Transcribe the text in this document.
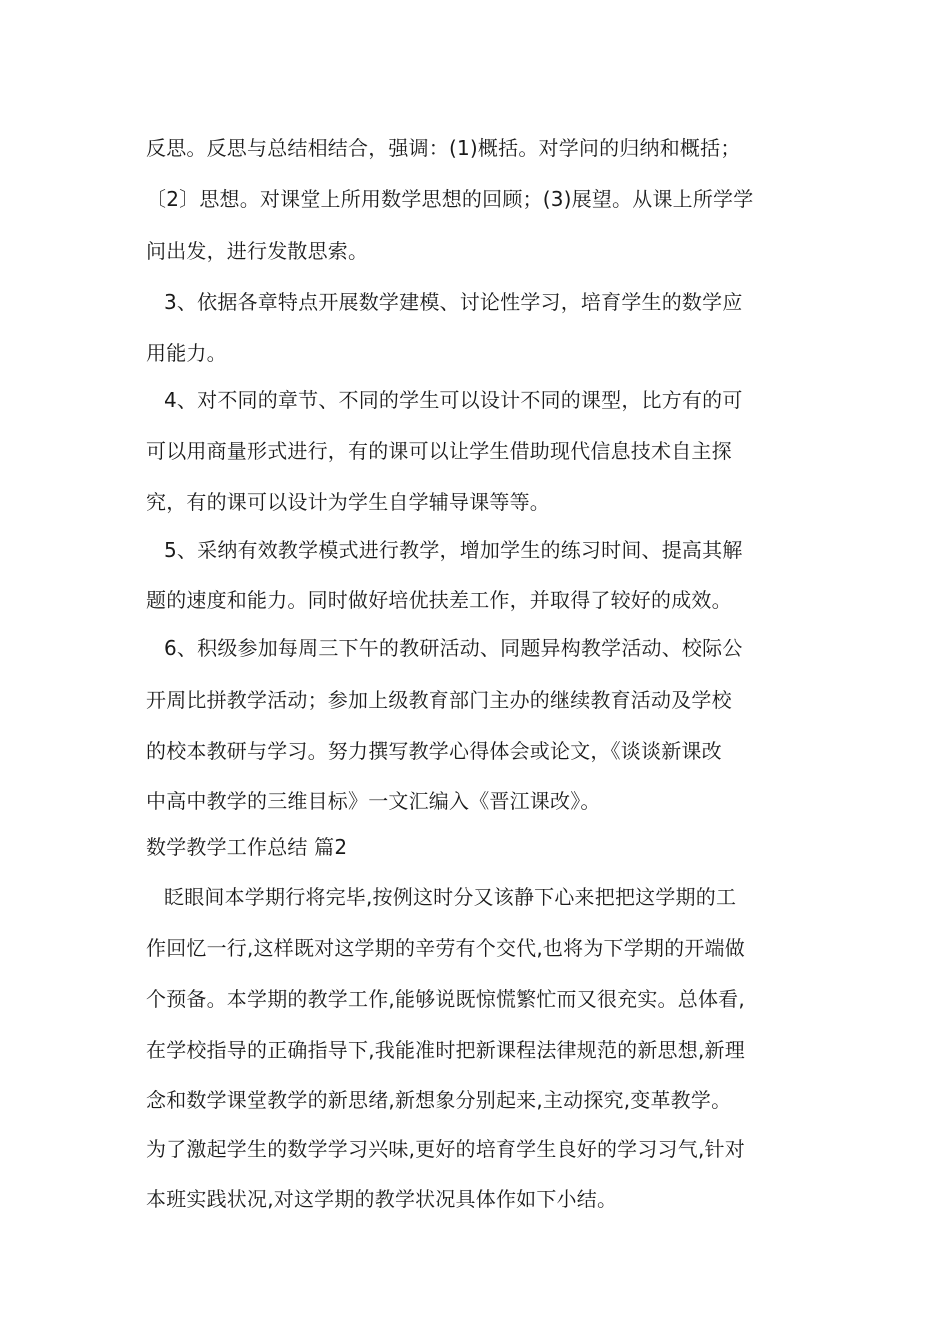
反思。反思与总结相结合，强调：(1)概括。对学问的归纳和概括；
〔2〕思想。对课堂上所用数学思想的回顾；(3)展望。从课上所学学
问出发，进行发散思索。
3、依据各章特点开展数学建模、讨论性学习，培育学生的数学应
用能力。
4、对不同的章节、不同的学生可以设计不同的课型，比方有的可
可以用商量形式进行，有的课可以让学生借助现代信息技术自主探
究，有的课可以设计为学生自学辅导课等等。
5、采纳有效教学模式进行教学，增加学生的练习时间、提高其解
题的速度和能力。同时做好培优扶差工作，并取得了较好的成效。
6、积级参加每周三下午的教研活动、同题异构教学活动、校际公
开周比拼教学活动；参加上级教育部门主办的继续教育活动及学校
的校本教研与学习。努力撰写教学心得体会或论文，《谈谈新课改
中高中教学的三维目标》一文汇编入《晋江课改》。
数学教学工作总结 篇2
眨眼间本学期行将完毕,按例这时分又该静下心来把把这学期的工
作回忆一行,这样既对这学期的辛劳有个交代,也将为下学期的开端做
个预备。本学期的教学工作,能够说既惊慌繁忙而又很充实。总体看,
在学校指导的正确指导下,我能准时把新课程法律规范的新思想,新理
念和数学课堂教学的新思绪,新想象分别起来,主动探究,变革教学。
为了激起学生的数学学习兴味,更好的培育学生良好的学习习气,针对
本班实践状况,对这学期的教学状况具体作如下小结。
